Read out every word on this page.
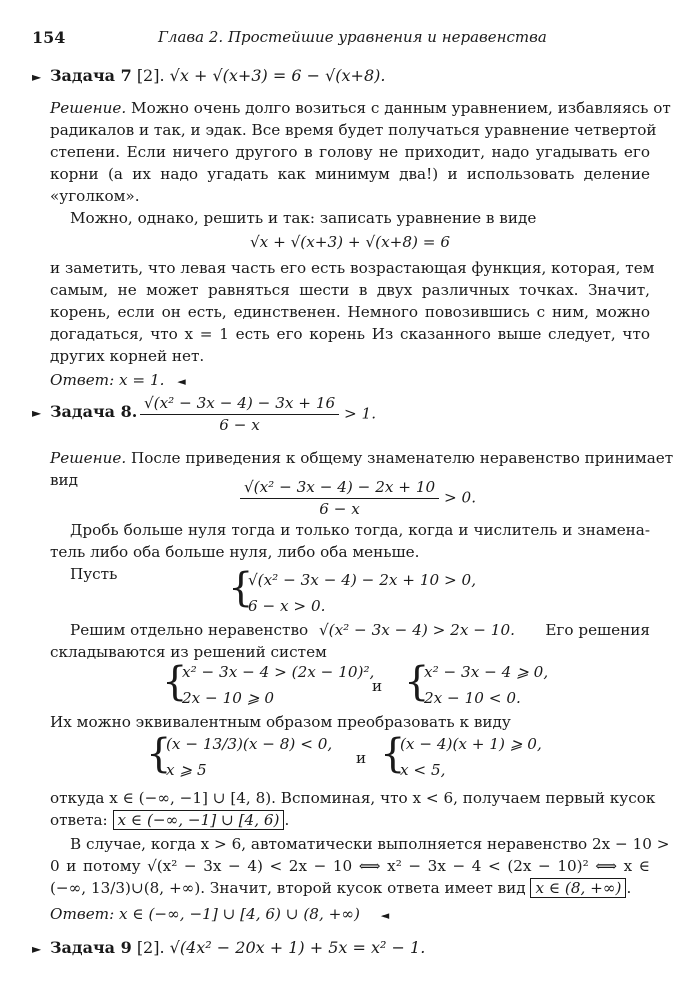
154	Глава 2. Простейшие уравнения и неравенства
► Задача 7 [2]. √x + √(x+3) = 6 − √(x+8).
Решение. Можно очень долго возиться с данным уравнением, избавляясь от
радикалов и так, и эдак. Все время будет получаться уравнение четвертой
степени. Если ничего другого в голову не приходит, надо угадывать его
корни (а их надо угадать как минимум два!) и использовать деление
«уголком».
Можно, однако, решить и так: записать уравнение в виде
√x + √(x+3) + √(x+8) = 6
и заметить, что левая часть его есть возрастающая функция, которая, тем
самым, не может равняться шести в двух различных точках. Значит,
корень, если он есть, единственен. Немного повозившись с ним, можно
догадаться, что x = 1 есть его корень Из сказанного выше следует, что
других корней нет.
Ответ: x = 1. ◄
► Задача 8. $\frac{\text{√(x² − 3x − 4) − 3x + 16}}{6 - x} > 1$.
Решение. После приведения к общему знаменателю неравенство принимает
вид	$\frac{\text{√(x² − 3x − 4) − 2x + 10}}{6 - x} > 0$.
Дробь больше нуля тогда и только тогда, когда и числитель и знамена-
тель либо оба больше нуля, либо оба меньше.
Пусть	{
√(x² − 3x − 4) − 2x + 10 > 0,
6 − x > 0.
Решим отдельно неравенство √(x² − 3x − 4) > 2x − 10. Его решения
складываются из решений систем
{
x² − 3x − 4 > (2x − 10)²,
2x − 10 ⩾ 0
и {
x² − 3x − 4 ⩾ 0,
2x − 10 < 0.
Их можно эквивалентным образом преобразовать к виду
{
(x − 13/3)(x − 8) < 0,
x ⩾ 5
и {
(x − 4)(x + 1) ⩾ 0,
x < 5,
откуда x ∈ (−∞, −1] ∪ [4, 8). Вспоминая, что x < 6, получаем первый кусок
ответа: x ∈ (−∞, −1] ∪ [4, 6) .
В случае, когда x > 6, автоматически выполняется неравенство 2x − 10 >
0 и потому √(x² − 3x − 4) < 2x − 10 ⟺ x² − 3x − 4 < (2x − 10)² ⟺ x ∈
(−∞, 13/3)∪(8, +∞). Значит, второй кусок ответа имеет вид x ∈ (8, +∞) .
Ответ: x ∈ (−∞, −1] ∪ [4, 6) ∪ (8, +∞) ◄
► Задача 9 [2]. √(4x² − 20x + 1) + 5x = x² − 1.
